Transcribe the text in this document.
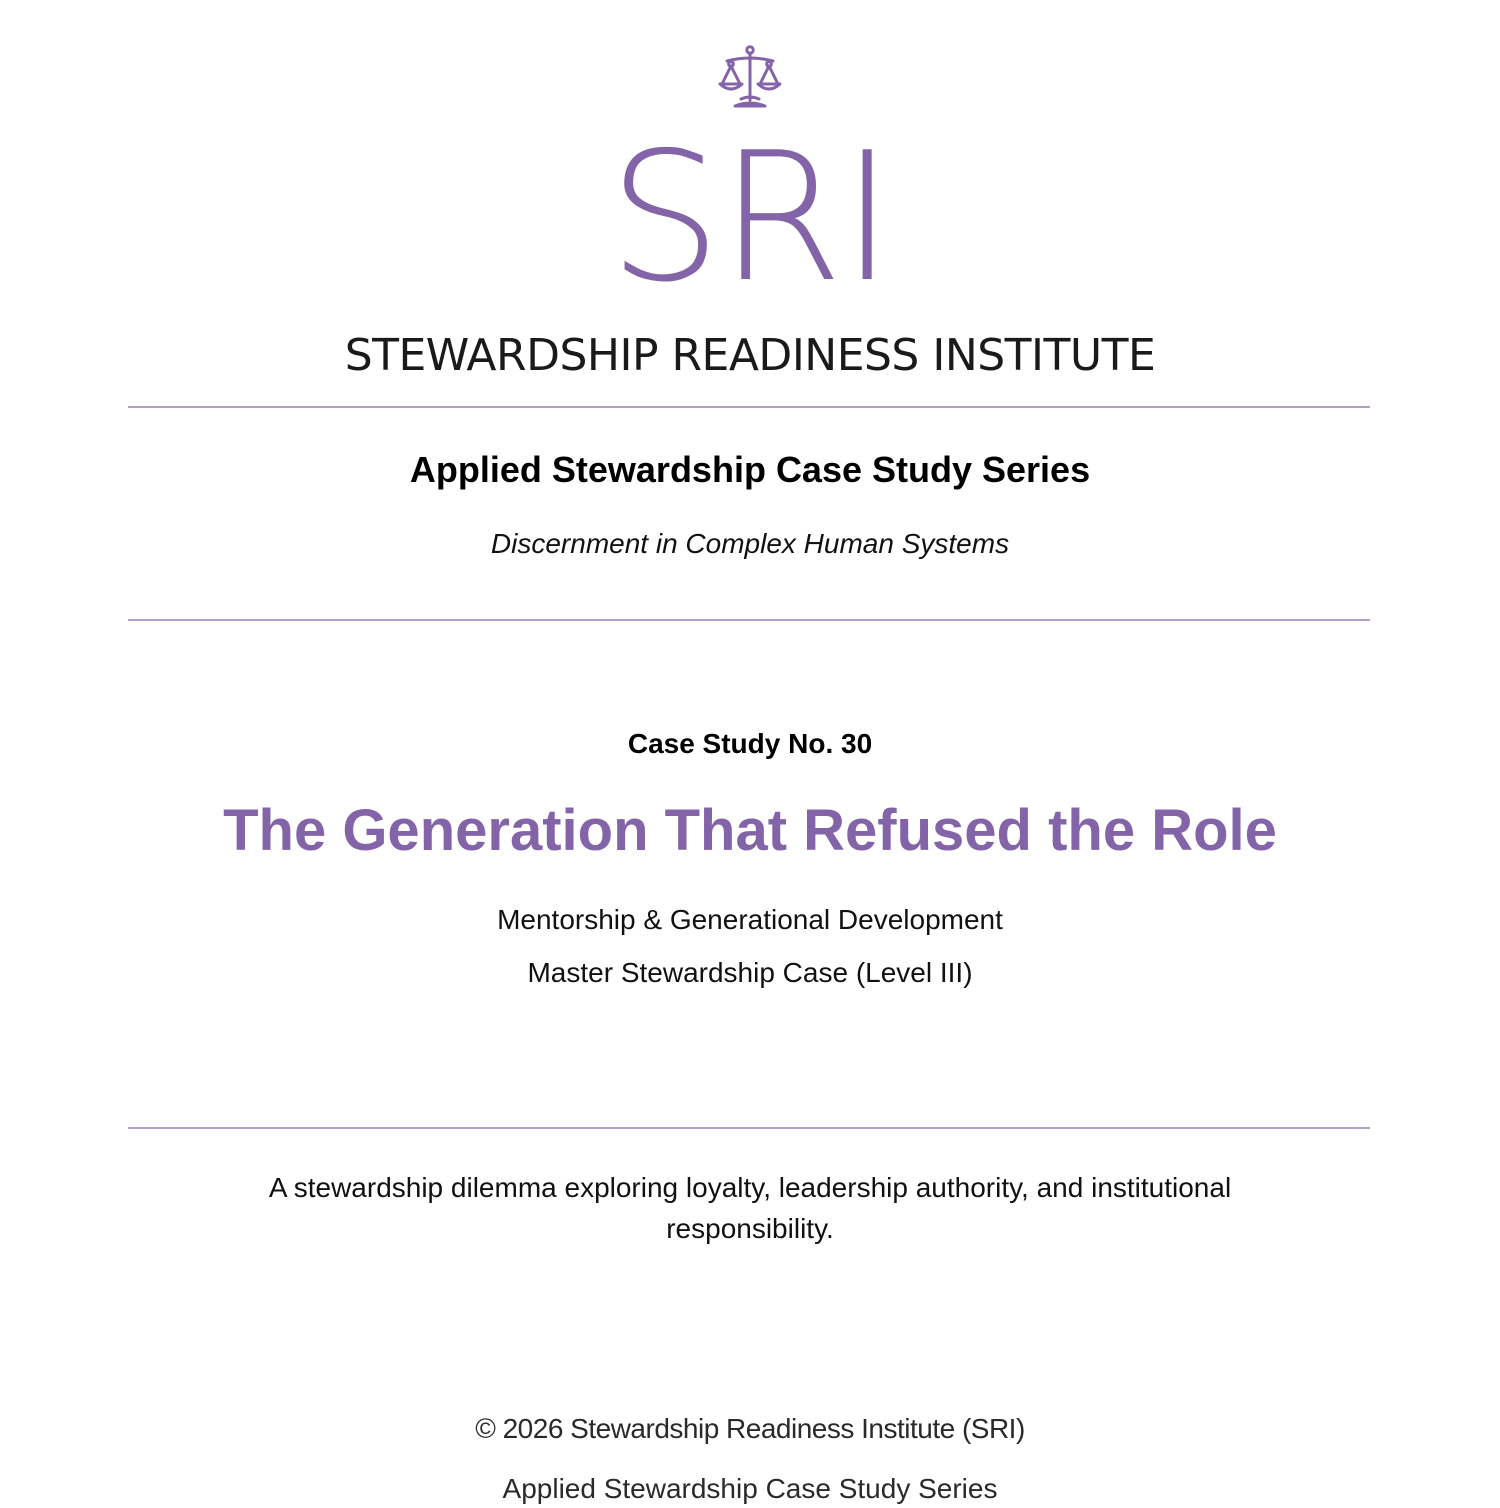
SRI
STEWARDSHIP READINESS INSTITUTE
Applied Stewardship Case Study Series
Discernment in Complex Human Systems
Case Study No. 30
The Generation That Refused the Role
Mentorship & Generational Development
Master Stewardship Case (Level III)
A stewardship dilemma exploring loyalty, leadership authority, and institutional responsibility.
© 2026 Stewardship Readiness Institute (SRI)
Applied Stewardship Case Study Series
